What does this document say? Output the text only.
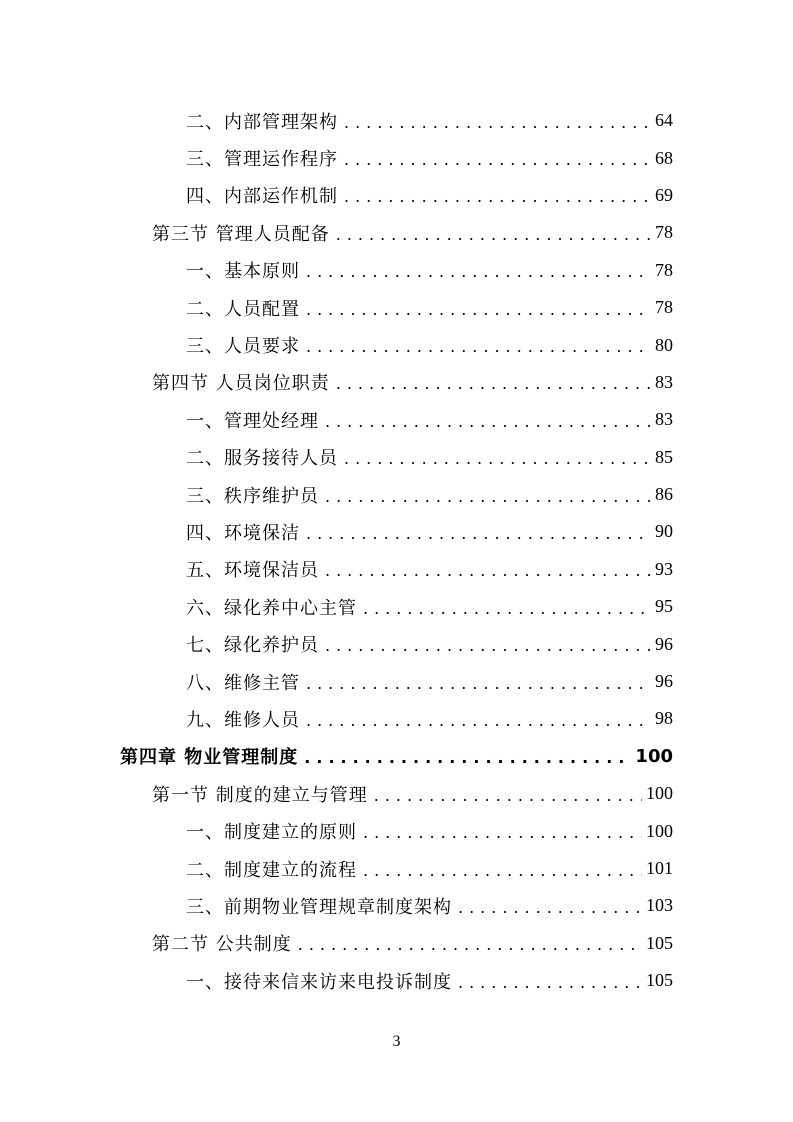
二、内部管理架构 .....	64
三、管理运作程序 .....	68
四、内部运作机制 .....	69
第三节 管理人员配备 .....	78
一、基本原则 .....	78
二、人员配置 .....	78
三、人员要求 .....	80
第四节 人员岗位职责 .....	83
一、管理处经理 .....	83
二、服务接待人员 .....	85
三、秩序维护员 .....	86
四、环境保洁 .....	90
五、环境保洁员 .....	93
六、绿化养中心主管 .....	95
七、绿化养护员 .....	96
八、维修主管 .....	96
九、维修人员 .....	98
第四章 物业管理制度 .....	100
第一节 制度的建立与管理 .....	100
一、制度建立的原则 .....	100
二、制度建立的流程 .....	101
三、前期物业管理规章制度架构 .....	103
第二节 公共制度 .....	105
一、接待来信来访来电投诉制度 .....	105
3
